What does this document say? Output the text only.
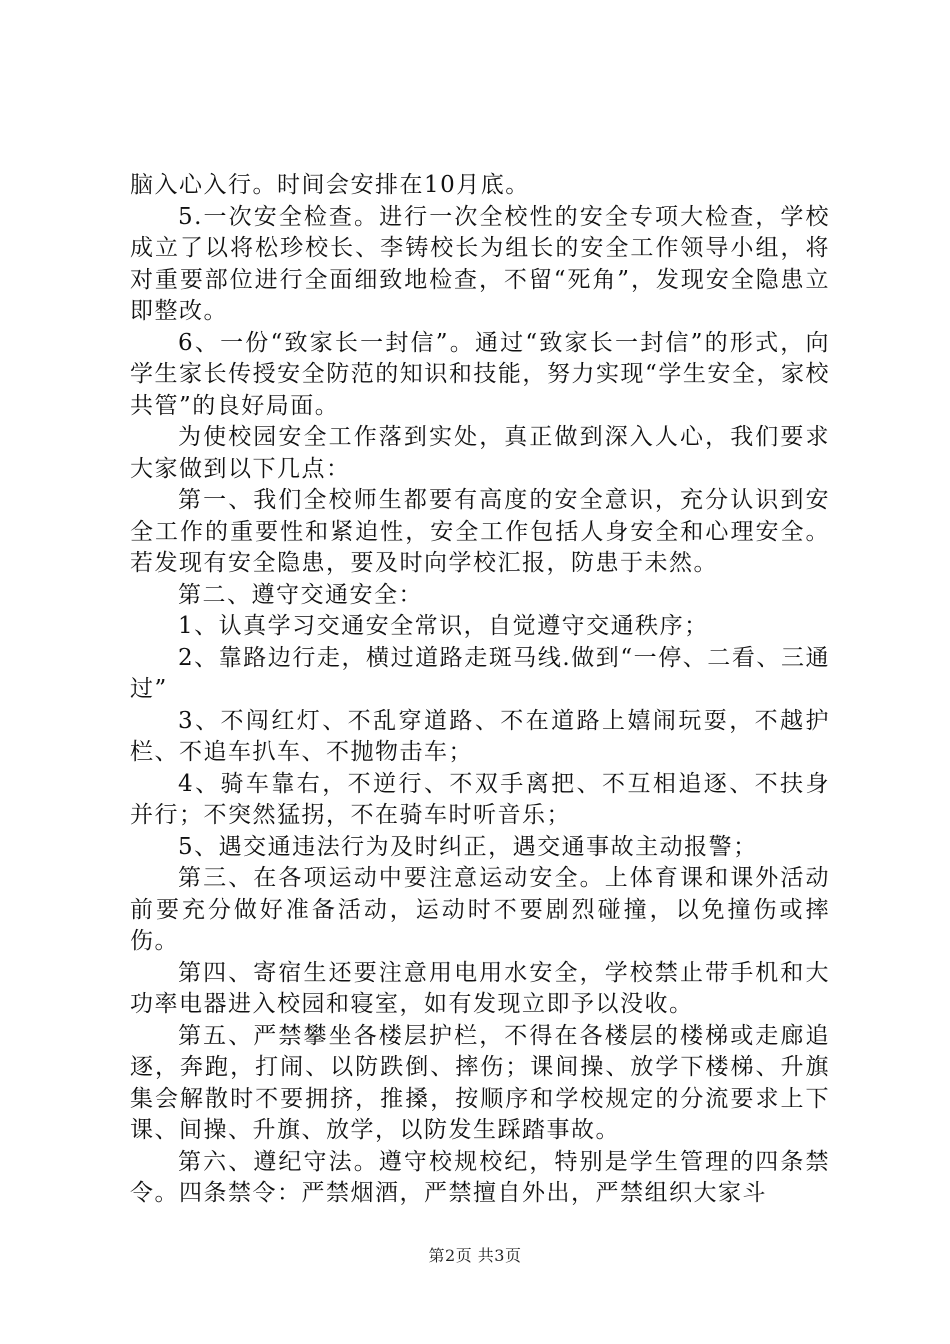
脑入心入行。时间会安排在10月底。

5.一次安全检查。进行一次全校性的安全专项大检查，学校成立了以将松珍校长、李铸校长为组长的安全工作领导小组，将对重要部位进行全面细致地检查，不留“死角”，发现安全隐患立即整改。

6、一份“致家长一封信”。通过“致家长一封信”的形式，向学生家长传授安全防范的知识和技能，努力实现“学生安全，家校共管”的良好局面。

为使校园安全工作落到实处，真正做到深入人心，我们要求大家做到以下几点：

第一、我们全校师生都要有高度的安全意识，充分认识到安全工作的重要性和紧迫性，安全工作包括人身安全和心理安全。若发现有安全隐患，要及时向学校汇报，防患于未然。

第二、遵守交通安全：

1、认真学习交通安全常识，自觉遵守交通秩序；

2、靠路边行走，横过道路走斑马线.做到“一停、二看、三通过”

3、不闯红灯、不乱穿道路、不在道路上嬉闹玩耍，不越护栏、不追车扒车、不抛物击车；

4、骑车靠右，不逆行、不双手离把、不互相追逐、不扶身并行；不突然猛拐，不在骑车时听音乐；

5、遇交通违法行为及时纠正，遇交通事故主动报警；

第三、在各项运动中要注意运动安全。上体育课和课外活动前要充分做好准备活动，运动时不要剧烈碰撞，以免撞伤或摔伤。

第四、寄宿生还要注意用电用水安全，学校禁止带手机和大功率电器进入校园和寝室，如有发现立即予以没收。

第五、严禁攀坐各楼层护栏，不得在各楼层的楼梯或走廊追逐，奔跑，打闹、以防跌倒、摔伤；课间操、放学下楼梯、升旗集会解散时不要拥挤，推搡，按顺序和学校规定的分流要求上下课、间操、升旗、放学，以防发生踩踏事故。

第六、遵纪守法。遵守校规校纪，特别是学生管理的四条禁令。四条禁令：严禁烟酒，严禁擅自外出，严禁组织大家斗

第2页 共3页
